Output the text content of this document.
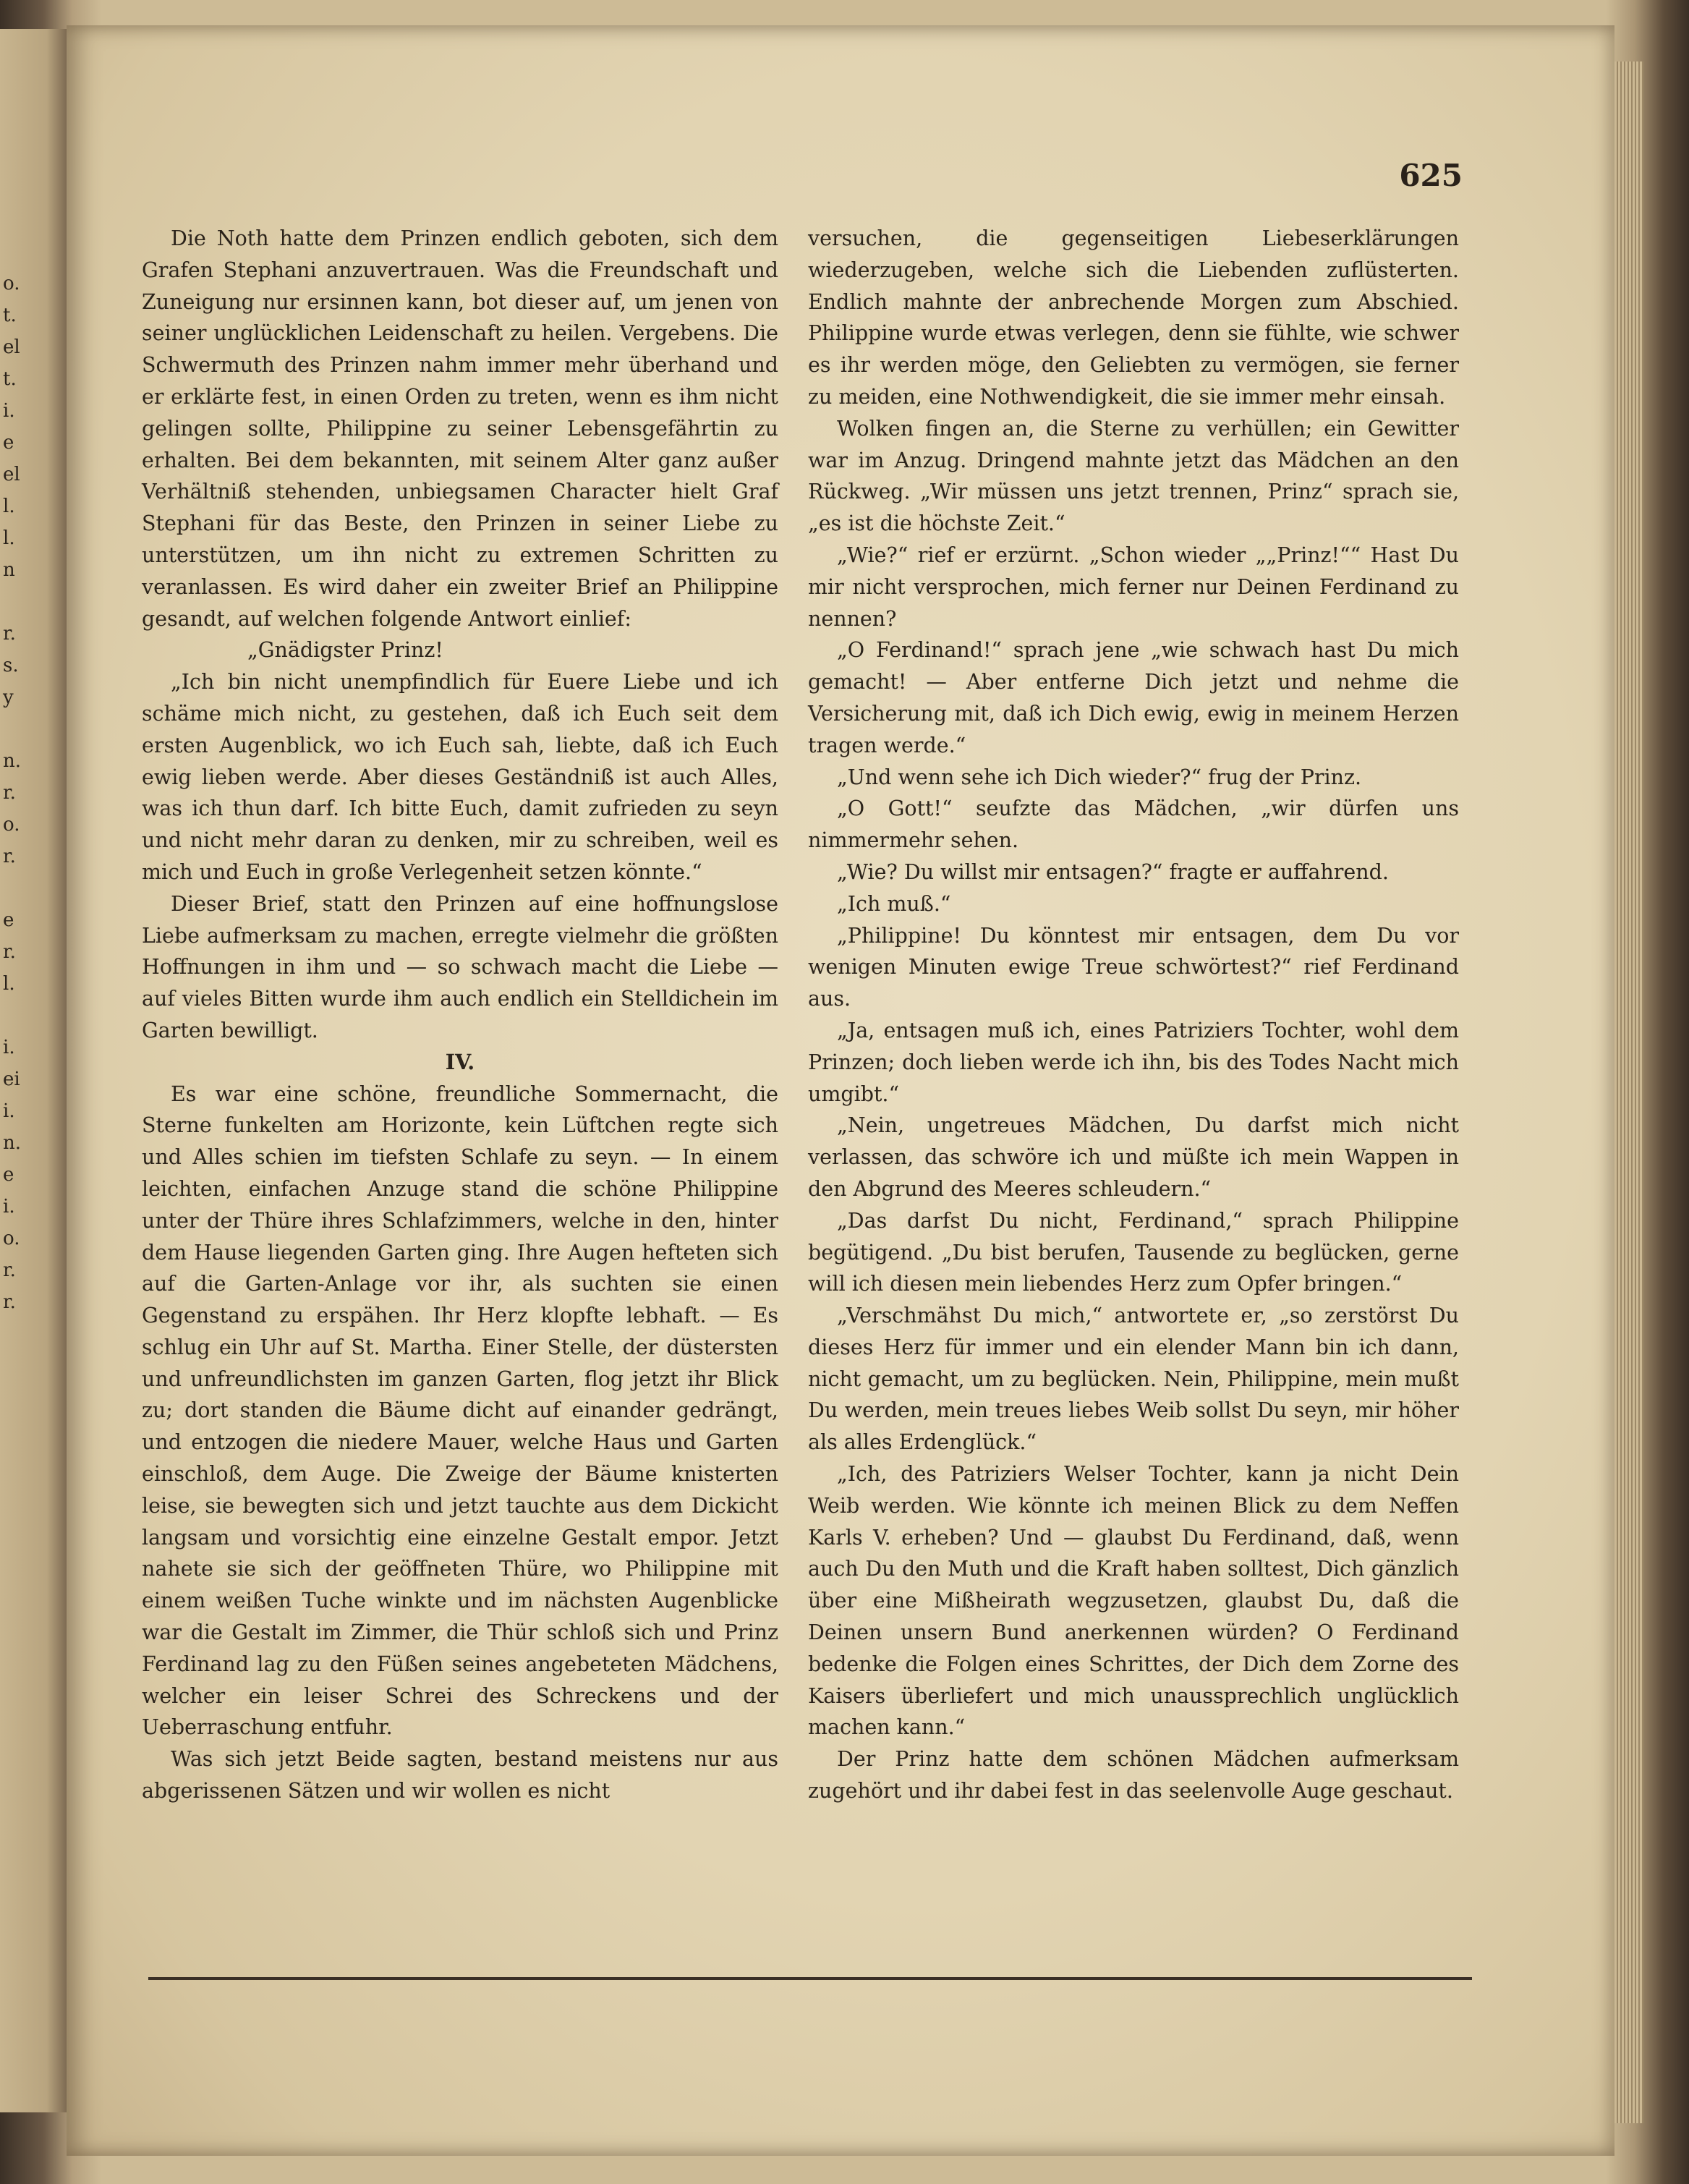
o.
t.
el
t.
i.
e
el
l.
l.
n

r.
s.
y

n.
r.
o.
r.

e
r.
l.

i.
ei
i.
n.
e
i.
o.
r.
r.
625

Die Noth hatte dem Prinzen endlich geboten, sich dem Grafen Stephani anzuvertrauen. Was die Freundschaft und Zuneigung nur ersinnen kann, bot dieser auf, um jenen von seiner unglücklichen Leidenschaft zu heilen. Vergebens. Die Schwermuth des Prinzen nahm immer mehr überhand und er erklärte fest, in einen Orden zu treten, wenn es ihm nicht gelingen sollte, Philippine zu seiner Lebensgefährtin zu erhalten. Bei dem bekannten, mit seinem Alter ganz außer Verhältniß stehenden, unbiegsamen Character hielt Graf Stephani für das Beste, den Prinzen in seiner Liebe zu unterstützen, um ihn nicht zu extremen Schritten zu veranlassen. Es wird daher ein zweiter Brief an Philippine gesandt, auf welchen folgende Antwort einlief:

„Gnädigster Prinz!

„Ich bin nicht unempfindlich für Euere Liebe und ich schäme mich nicht, zu gestehen, daß ich Euch seit dem ersten Augenblick, wo ich Euch sah, liebte, daß ich Euch ewig lieben werde. Aber dieses Geständniß ist auch Alles, was ich thun darf. Ich bitte Euch, damit zufrieden zu seyn und nicht mehr daran zu denken, mir zu schreiben, weil es mich und Euch in große Verlegenheit setzen könnte.“

Dieser Brief, statt den Prinzen auf eine hoffnungslose Liebe aufmerksam zu machen, erregte vielmehr die größten Hoffnungen in ihm und — so schwach macht die Liebe — auf vieles Bitten wurde ihm auch endlich ein Stelldichein im Garten bewilligt.

IV.

Es war eine schöne, freundliche Sommernacht, die Sterne funkelten am Horizonte, kein Lüftchen regte sich und Alles schien im tiefsten Schlafe zu seyn. — In einem leichten, einfachen Anzuge stand die schöne Philippine unter der Thüre ihres Schlafzimmers, welche in den, hinter dem Hause liegenden Garten ging. Ihre Augen hefteten sich auf die Garten-Anlage vor ihr, als suchten sie einen Gegenstand zu erspähen. Ihr Herz klopfte lebhaft. — Es schlug ein Uhr auf St. Martha. Einer Stelle, der düstersten und unfreundlichsten im ganzen Garten, flog jetzt ihr Blick zu; dort standen die Bäume dicht auf einander gedrängt, und entzogen die niedere Mauer, welche Haus und Garten einschloß, dem Auge. Die Zweige der Bäume knisterten leise, sie bewegten sich und jetzt tauchte aus dem Dickicht langsam und vorsichtig eine einzelne Gestalt empor. Jetzt nahete sie sich der geöffneten Thüre, wo Philippine mit einem weißen Tuche winkte und im nächsten Augenblicke war die Gestalt im Zimmer, die Thür schloß sich und Prinz Ferdinand lag zu den Füßen seines angebeteten Mädchens, welcher ein leiser Schrei des Schreckens und der Ueberraschung entfuhr.

Was sich jetzt Beide sagten, bestand meistens nur aus abgerissenen Sätzen und wir wollen es nicht

versuchen, die gegenseitigen Liebeserklärungen wiederzugeben, welche sich die Liebenden zuflüsterten. Endlich mahnte der anbrechende Morgen zum Abschied. Philippine wurde etwas verlegen, denn sie fühlte, wie schwer es ihr werden möge, den Geliebten zu vermögen, sie ferner zu meiden, eine Nothwendigkeit, die sie immer mehr einsah.

Wolken fingen an, die Sterne zu verhüllen; ein Gewitter war im Anzug. Dringend mahnte jetzt das Mädchen an den Rückweg. „Wir müssen uns jetzt trennen, Prinz“ sprach sie, „es ist die höchste Zeit.“

„Wie?“ rief er erzürnt. „Schon wieder „„Prinz!““ Hast Du mir nicht versprochen, mich ferner nur Deinen Ferdinand zu nennen?

„O Ferdinand!“ sprach jene „wie schwach hast Du mich gemacht! — Aber entferne Dich jetzt und nehme die Versicherung mit, daß ich Dich ewig, ewig in meinem Herzen tragen werde.“

„Und wenn sehe ich Dich wieder?“ frug der Prinz.

„O Gott!“ seufzte das Mädchen, „wir dürfen uns nimmermehr sehen.

„Wie? Du willst mir entsagen?“ fragte er auffahrend.

„Ich muß.“

„Philippine! Du könntest mir entsagen, dem Du vor wenigen Minuten ewige Treue schwörtest?“ rief Ferdinand aus.

„Ja, entsagen muß ich, eines Patriziers Tochter, wohl dem Prinzen; doch lieben werde ich ihn, bis des Todes Nacht mich umgibt.“

„Nein, ungetreues Mädchen, Du darfst mich nicht verlassen, das schwöre ich und müßte ich mein Wappen in den Abgrund des Meeres schleudern.“

„Das darfst Du nicht, Ferdinand,“ sprach Philippine begütigend. „Du bist berufen, Tausende zu beglücken, gerne will ich diesen mein liebendes Herz zum Opfer bringen.“

„Verschmähst Du mich,“ antwortete er, „so zerstörst Du dieses Herz für immer und ein elender Mann bin ich dann, nicht gemacht, um zu beglücken. Nein, Philippine, mein mußt Du werden, mein treues liebes Weib sollst Du seyn, mir höher als alles Erdenglück.“

„Ich, des Patriziers Welser Tochter, kann ja nicht Dein Weib werden. Wie könnte ich meinen Blick zu dem Neffen Karls V. erheben? Und — glaubst Du Ferdinand, daß, wenn auch Du den Muth und die Kraft haben solltest, Dich gänzlich über eine Mißheirath wegzusetzen, glaubst Du, daß die Deinen unsern Bund anerkennen würden? O Ferdinand bedenke die Folgen eines Schrittes, der Dich dem Zorne des Kaisers überliefert und mich unaussprechlich unglücklich machen kann.“

Der Prinz hatte dem schönen Mädchen aufmerksam zugehört und ihr dabei fest in das seelenvolle Auge geschaut.
